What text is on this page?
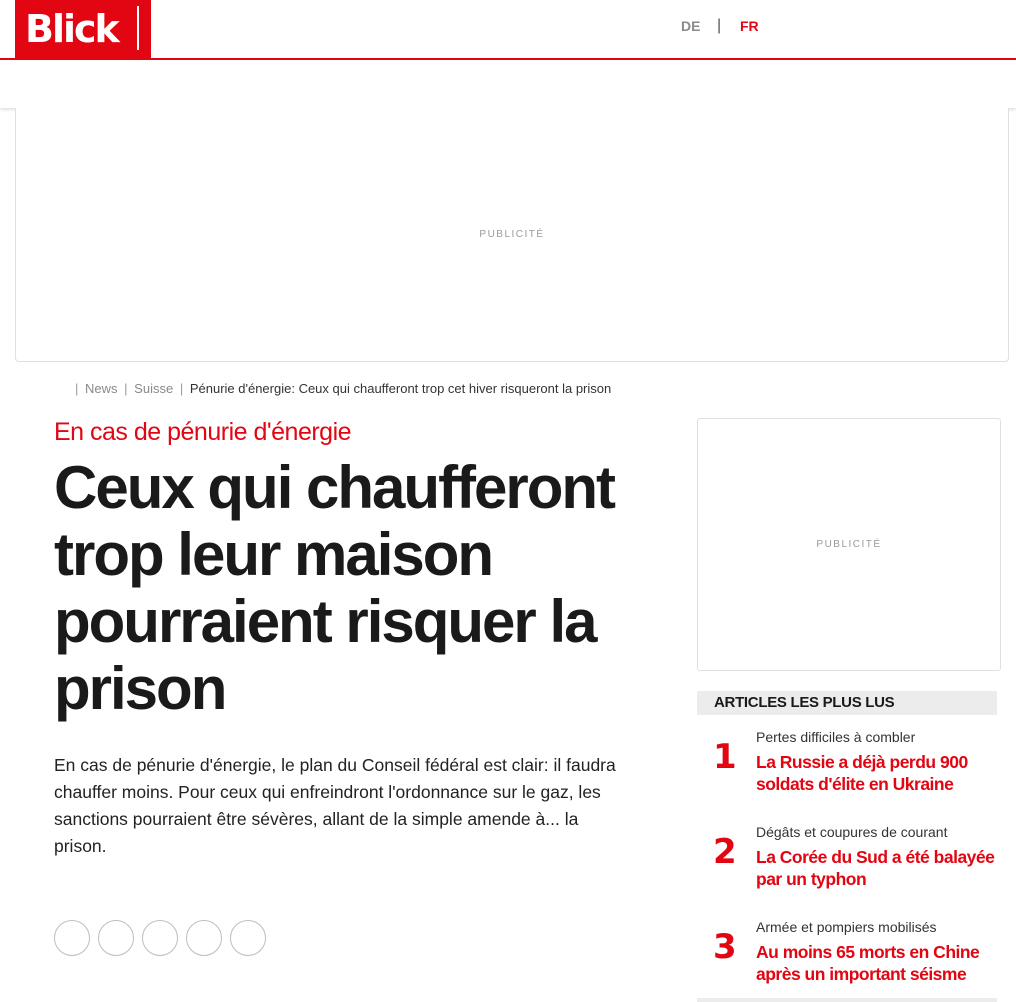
Blick	DE | FR
PUBLICITÉ
| News | Suisse | Pénurie d'énergie: Ceux qui chaufferont trop cet hiver risqueront la prison
En cas de pénurie d'énergie
Ceux qui chaufferont trop leur maison pourraient risquer la prison

En cas de pénurie d'énergie, le plan du Conseil fédéral est clair: il faudra chauffer moins. Pour ceux qui enfreindront l'ordonnance sur le gaz, les sanctions pourraient être sévères, allant de la simple amende à... la prison.

PUBLICITÉ
ARTICLES LES PLUS LUS
1 Pertes difficiles à combler
La Russie a déjà perdu 900 soldats d'élite en Ukraine
2 Dégâts et coupures de courant
La Corée du Sud a été balayée par un typhon
3 Armée et pompiers mobilisés
Au moins 65 morts en Chine après un important séisme
